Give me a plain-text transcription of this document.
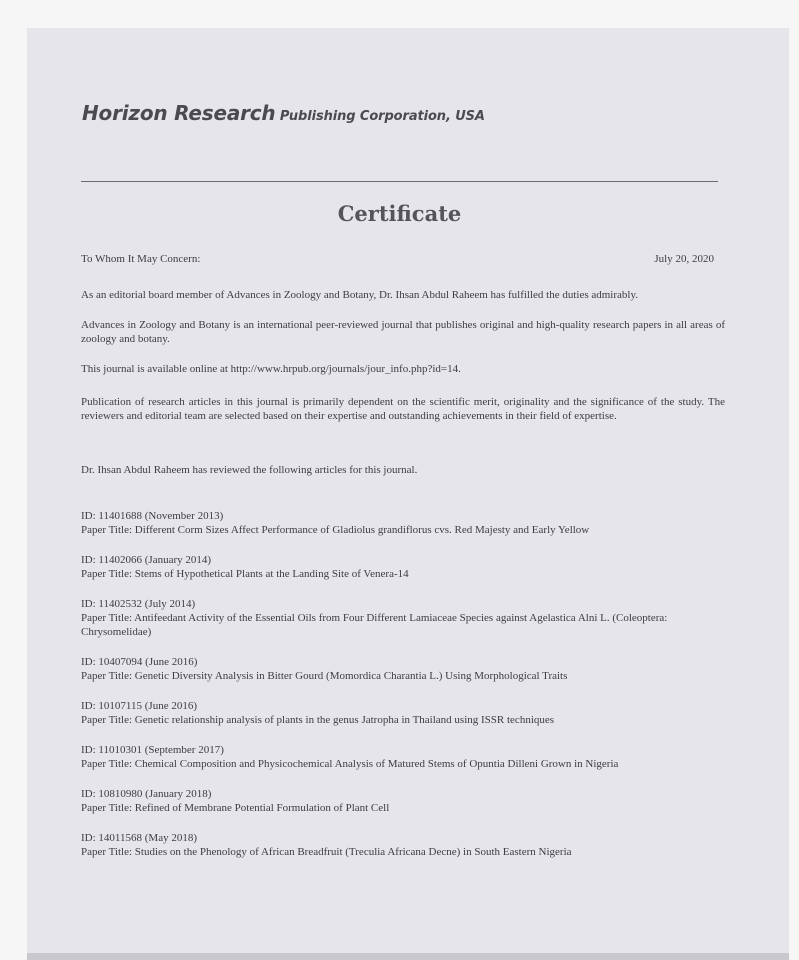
Horizon Research Publishing Corporation, USA
Certificate
To Whom It May Concern:	July 20, 2020

As an editorial board member of Advances in Zoology and Botany, Dr. Ihsan Abdul Raheem has fulfilled the duties admirably.

Advances in Zoology and Botany is an international peer-reviewed journal that publishes original and high-quality research papers in all areas of zoology and botany.

This journal is available online at http://www.hrpub.org/journals/jour_info.php?id=14.

Publication of research articles in this journal is primarily dependent on the scientific merit, originality and the significance of the study. The reviewers and editorial team are selected based on their expertise and outstanding achievements in their field of expertise.

Dr. Ihsan Abdul Raheem has reviewed the following articles for this journal.

ID: 11401688 (November 2013)
Paper Title: Different Corm Sizes Affect Performance of Gladiolus grandiflorus cvs. Red Majesty and Early Yellow
ID: 11402066 (January 2014)
Paper Title: Stems of Hypothetical Plants at the Landing Site of Venera-14
ID: 11402532 (July 2014)
Paper Title: Antifeedant Activity of the Essential Oils from Four Different Lamiaceae Species against Agelastica Alni L. (Coleoptera: Chrysomelidae)
ID: 10407094 (June 2016)
Paper Title: Genetic Diversity Analysis in Bitter Gourd (Momordica Charantia L.) Using Morphological Traits
ID: 10107115 (June 2016)
Paper Title: Genetic relationship analysis of plants in the genus Jatropha in Thailand using ISSR techniques
ID: 11010301 (September 2017)
Paper Title: Chemical Composition and Physicochemical Analysis of Matured Stems of Opuntia Dilleni Grown in Nigeria
ID: 10810980 (January 2018)
Paper Title: Refined of Membrane Potential Formulation of Plant Cell
ID: 14011568 (May 2018)
Paper Title: Studies on the Phenology of African Breadfruit (Treculia Africana Decne) in South Eastern Nigeria
